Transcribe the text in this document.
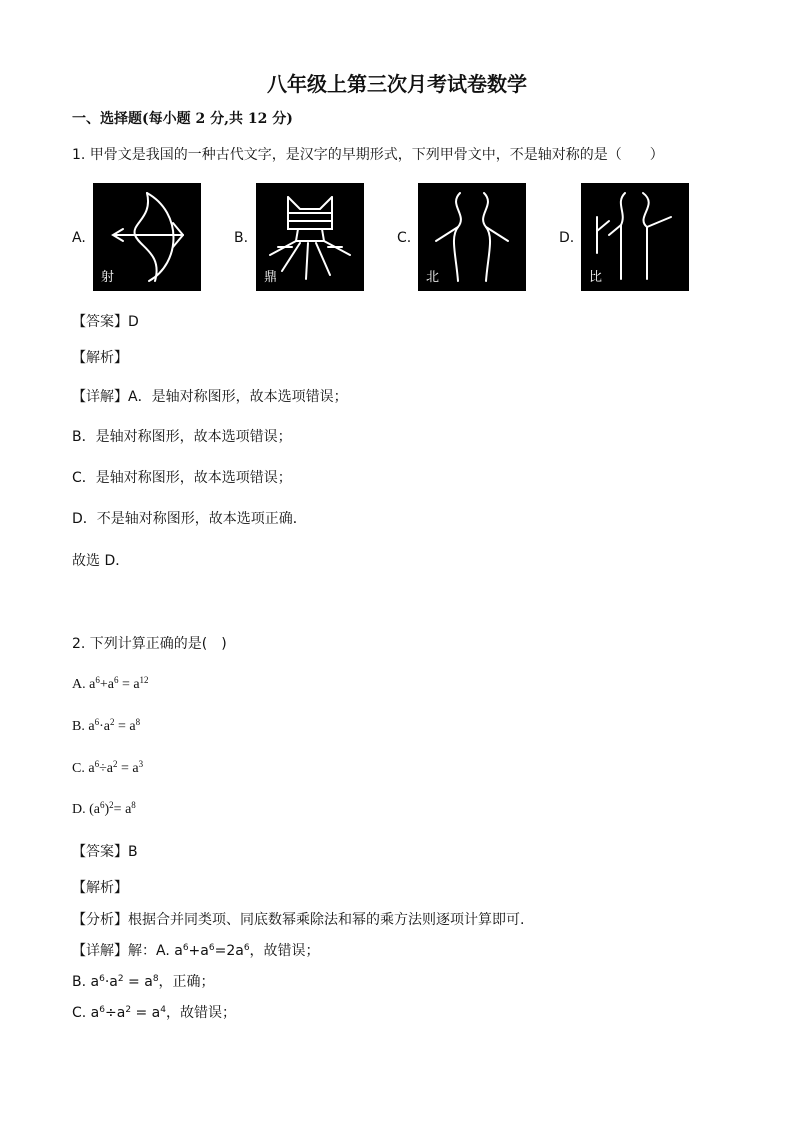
八年级上第三次月考试卷数学
一、选择题(每小题 2 分,共 12 分)
1. 甲骨文是我国的一种古代文字，是汉字的早期形式，下列甲骨文中，不是轴对称的是（　　）
A.	B.	C.	D.
射	鼎	北	比
【答案】D
【解析】
【详解】A．是轴对称图形，故本选项错误；
B．是轴对称图形，故本选项错误；
C．是轴对称图形，故本选项错误；
D．不是轴对称图形，故本选项正确．
故选 D．
2. 下列计算正确的是(　)
A. $a^6+a^6 = a^{12}$
B. $a^6\cdot a^2 = a^8$
C. $a^6\div a^2 = a^3$
D. $(a^6)^2= a^8$
【答案】B
【解析】
【分析】根据合并同类项、同底数幂乘除法和幂的乘方法则逐项计算即可.
【详解】解：A. $a^6+a^6=2a^6$，故错误；
B. $a^6\cdot a^2 = a^8$，正确；
C. $a^6\div a^2 = a^4$，故错误；
